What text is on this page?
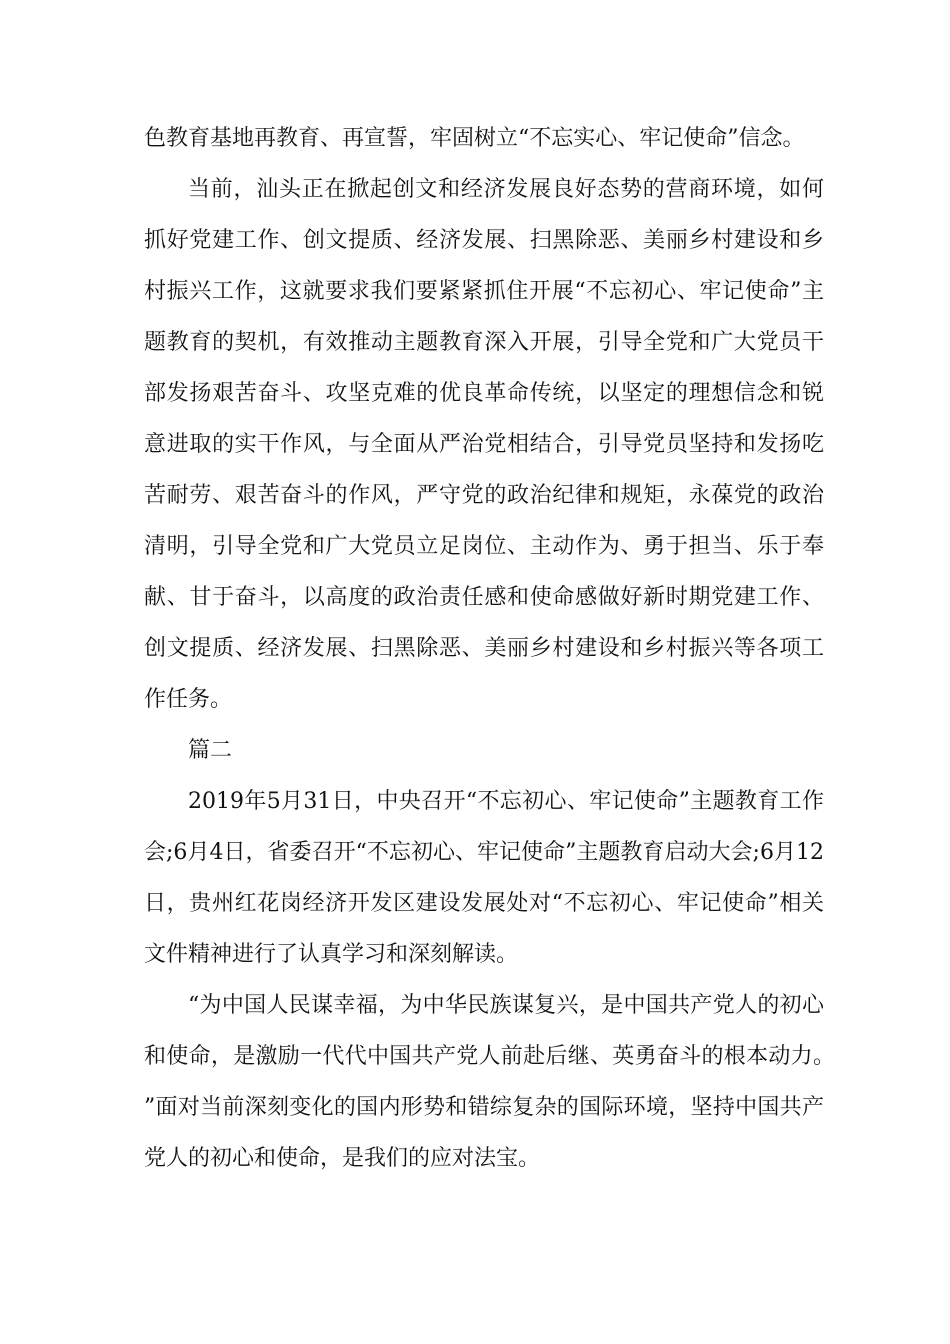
色教育基地再教育、再宣誓，牢固树立“不忘实心、牢记使命”信念。

当前，汕头正在掀起创文和经济发展良好态势的营商环境，如何抓好党建工作、创文提质、经济发展、扫黑除恶、美丽乡村建设和乡村振兴工作，这就要求我们要紧紧抓住开展“不忘初心、牢记使命”主题教育的契机，有效推动主题教育深入开展，引导全党和广大党员干部发扬艰苦奋斗、攻坚克难的优良革命传统，以坚定的理想信念和锐意进取的实干作风，与全面从严治党相结合，引导党员坚持和发扬吃苦耐劳、艰苦奋斗的作风，严守党的政治纪律和规矩，永葆党的政治清明，引导全党和广大党员立足岗位、主动作为、勇于担当、乐于奉献、甘于奋斗，以高度的政治责任感和使命感做好新时期党建工作、创文提质、经济发展、扫黑除恶、美丽乡村建设和乡村振兴等各项工作任务。

篇二

2019年5月31日，中央召开“不忘初心、牢记使命”主题教育工作会;6月4日，省委召开“不忘初心、牢记使命”主题教育启动大会;6月12日，贵州红花岗经济开发区建设发展处对“不忘初心、牢记使命”相关文件精神进行了认真学习和深刻解读。

“为中国人民谋幸福，为中华民族谋复兴，是中国共产党人的初心和使命，是激励一代代中国共产党人前赴后继、英勇奋斗的根本动力。”面对当前深刻变化的国内形势和错综复杂的国际环境，坚持中国共产党人的初心和使命，是我们的应对法宝。
